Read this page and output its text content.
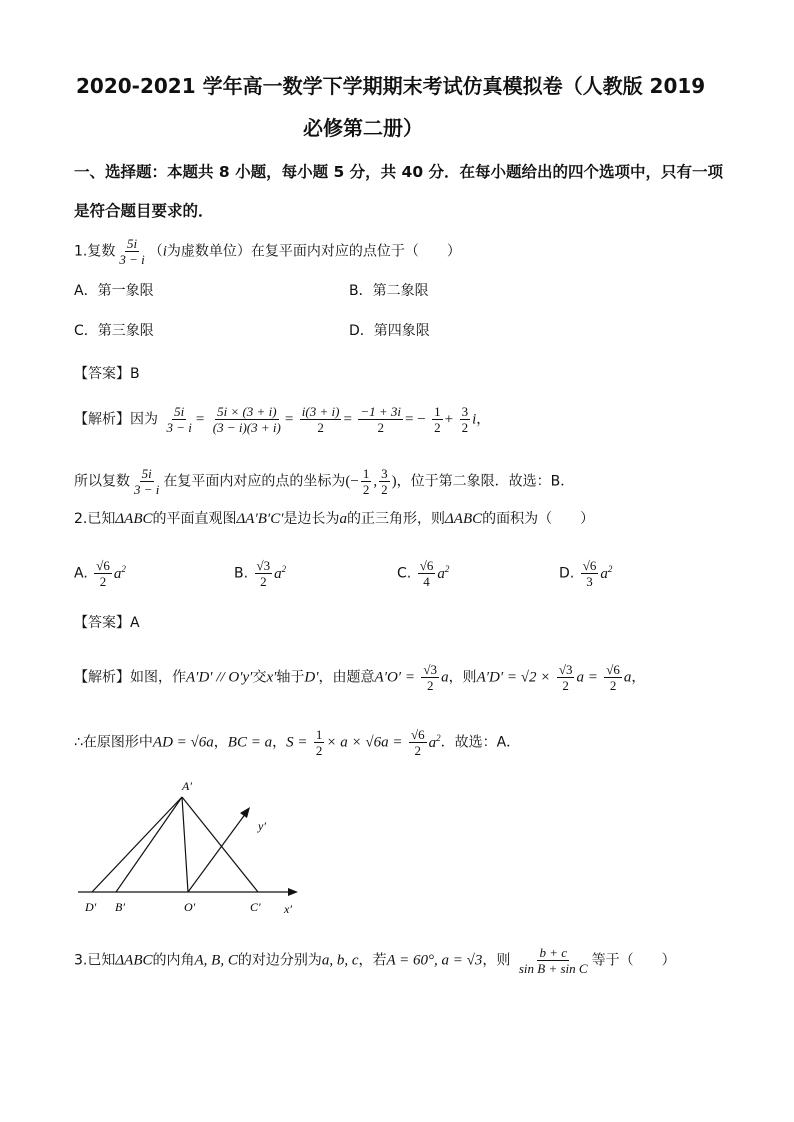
2020-2021 学年高一数学下学期期末考试仿真模拟卷（人教版 2019
必修第二册）
一、选择题：本题共 8 小题，每小题 5 分，共 40 分．在每小题给出的四个选项中，只有一项
是符合题目要求的．
1.复数 $\frac{5i}{3 - i} (i$为虚数单位）在复平面内对应的点位于（　　）
A．第一象限	B．第二象限
C．第三象限	D．第四象限
【答案】B
【解析】因为 $\frac{5i}{3 - i} = \frac{5i \times (3 + i)}{(3 - i)(3 + i)} = \frac{i(3 + i)}{2} = \frac{-1 + 3i}{2}$ = − $\frac{1}{2} + \frac{3}{2}$ i，
所以复数 $\frac{5i}{3 - i}$ 在复平面内对应的点的坐标为(− $\frac{1}{2}$ , $\frac{3}{2}$ )，位于第二象限．故选：B．
2.已知ΔABC的平面直观图ΔA′B′C′是边长为a的正三角形，则ΔABC的面积为（　　）
A. $\frac{√6}{2} a^2$	B. $\frac{√3}{2} a^2$	C. $\frac{√6}{4} a^2$	D. $\frac{√6}{3} a^2$
【答案】A
【解析】如图，作A′D′ // O′y′交x′轴于D′，由题意$A'O' = \frac{√3}{2}$ a，则$A'D' = √2 \times \frac{√3}{2}$ $a = \frac{√6}{2}$ a，
∴在原图形中AD = √6a，BC = a，$S = \frac{1}{2} \times a \times √6a = \frac{√6}{2} a^2$．故选：A．
A′
y′
D′ B′	O′	C′ x′
3.已知ΔABC的内角A, B, C的对边分别为a, b, c，若A = 60°, a = √3，则 $\frac{b + c}{\text{sin B + sin C}}$ 等于（　　）
